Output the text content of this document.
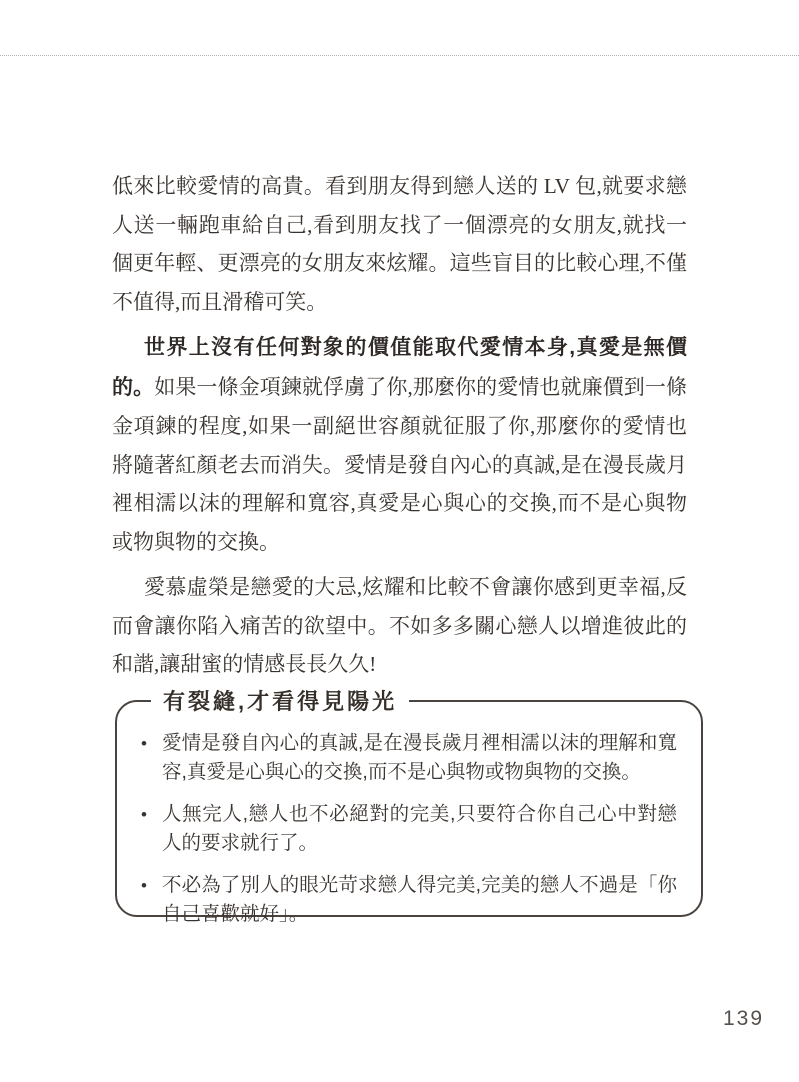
低來比較愛情的高貴。看到朋友得到戀人送的 LV 包,就要求戀人送一輛跑車給自己,看到朋友找了一個漂亮的女朋友,就找一個更年輕、更漂亮的女朋友來炫耀。這些盲目的比較心理,不僅不值得,而且滑稽可笑。

世界上沒有任何對象的價值能取代愛情本身,真愛是無價的。如果一條金項鍊就俘虜了你,那麼你的愛情也就廉價到一條金項鍊的程度,如果一副絕世容顏就征服了你,那麼你的愛情也將隨著紅顏老去而消失。愛情是發自內心的真誠,是在漫長歲月裡相濡以沫的理解和寬容,真愛是心與心的交換,而不是心與物或物與物的交換。

愛慕虛榮是戀愛的大忌,炫耀和比較不會讓你感到更幸福,反而會讓你陷入痛苦的欲望中。不如多多關心戀人以增進彼此的和諧,讓甜蜜的情感長長久久!

有裂縫,才看得見陽光
• 愛情是發自內心的真誠,是在漫長歲月裡相濡以沫的理解和寬容,真愛是心與心的交換,而不是心與物或物與物的交換。
• 人無完人,戀人也不必絕對的完美,只要符合你自己心中對戀人的要求就行了。
• 不必為了別人的眼光苛求戀人得完美,完美的戀人不過是「你自己喜歡就好」。
139
